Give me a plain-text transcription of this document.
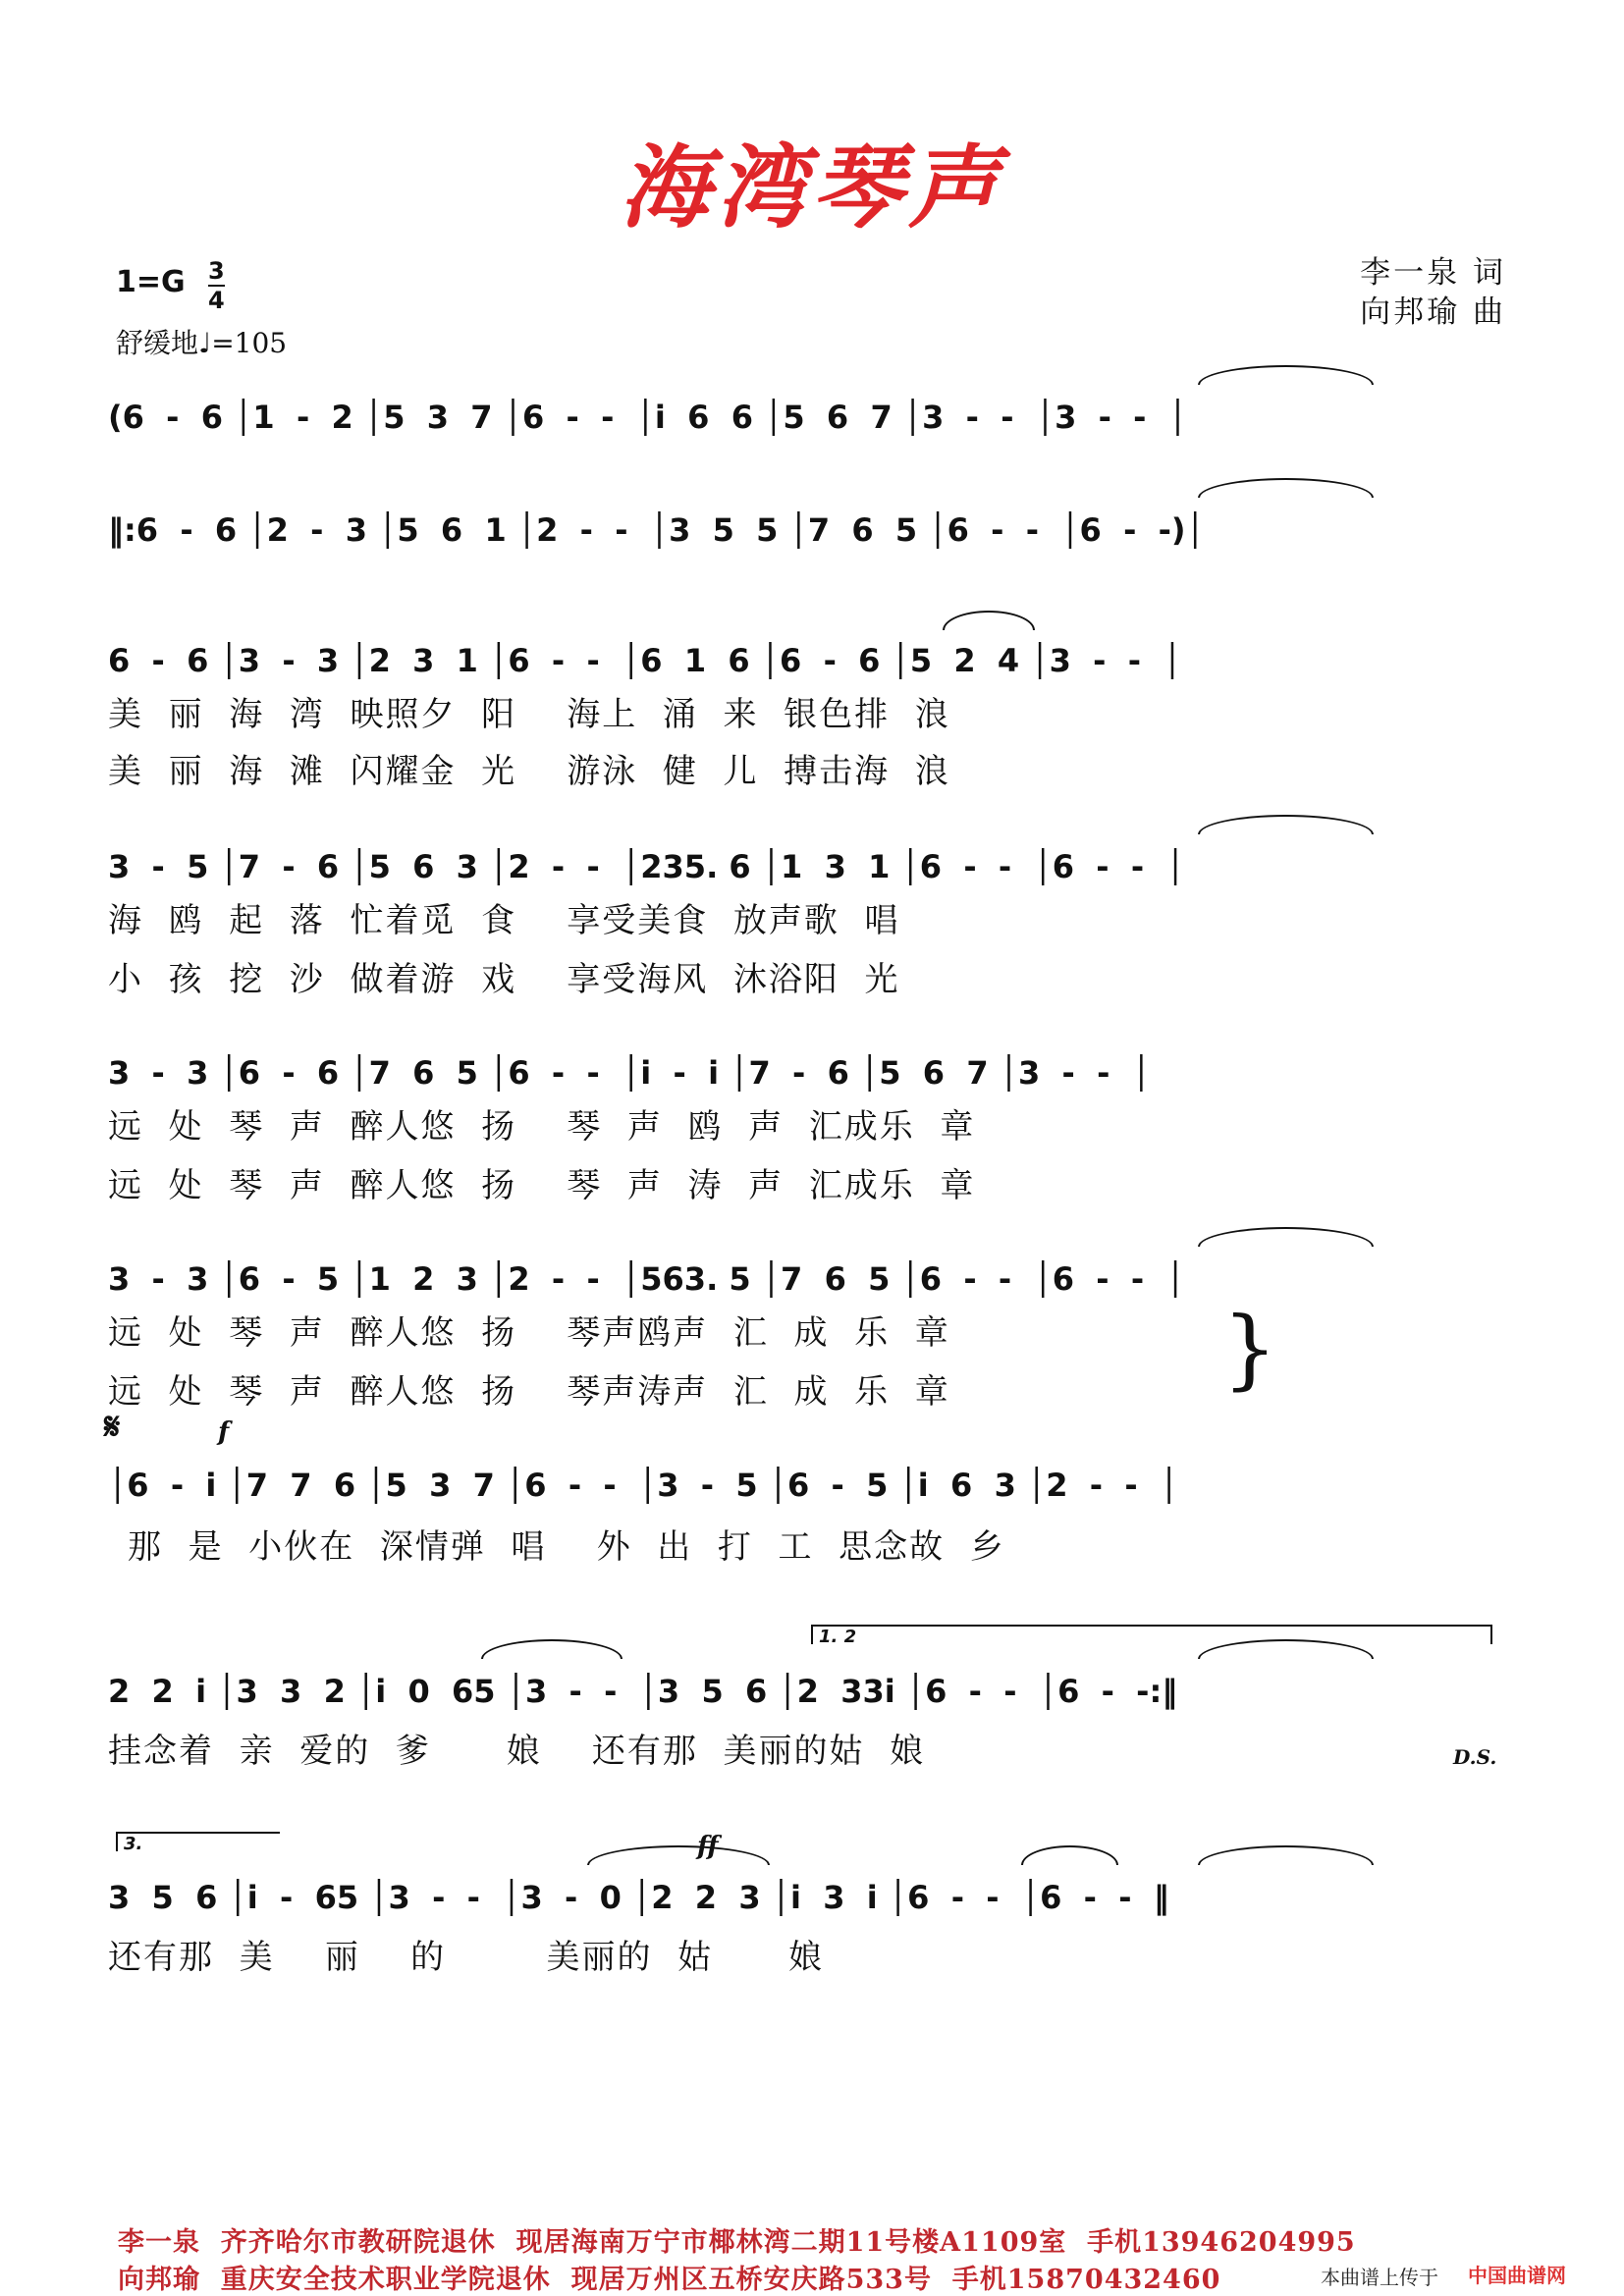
海湾琴声
李一泉 词
向邦瑜 曲
$1=G \frac{3}{4}$
舒缓地♩=105
(6  -  6 │1  -  2 │5  3  7 │6  -  -  │i  6  6 │5  6  7 │3  -  -  │3  -  -  │
‖:6  -  6 │2  -  3 │5  6  1 │2  -  -  │3  5  5 │7  6  5 │6  -  -  │6  -  -)│
6  -  6 │3  -  3 │2  3  1 │6  -  -  │6  1  6 │6  -  6 │5  2  4 │3  -  -  │
美  丽  海  湾  映照夕  阳    海上  涌  来  银色排  浪
美  丽  海  滩  闪耀金  光    游泳  健  儿  搏击海  浪
3  -  5 │7  -  6 │5  6  3 │2  -  -  │235. 6 │1  3  1 │6  -  -  │6  -  -  │
海  鸥  起  落  忙着觅  食    享受美食  放声歌  唱
小  孩  挖  沙  做着游  戏    享受海风  沐浴阳  光
3  -  3 │6  -  6 │7  6  5 │6  -  -  │i  -  i │7  -  6 │5  6  7 │3  -  -  │
远  处  琴  声  醉人悠  扬    琴  声  鸥  声  汇成乐  章
远  处  琴  声  醉人悠  扬    琴  声  涛  声  汇成乐  章
3  -  3 │6  -  5 │1  2  3 │2  -  -  │563. 5 │7  6  5 │6  -  -  │6  -  -  │
远  处  琴  声  醉人悠  扬    琴声鸥声  汇  成  乐  章
远  处  琴  声  醉人悠  扬    琴声涛声  汇  成  乐  章	}
𝄋	f
│6  -  i │7  7  6 │5  3  7 │6  -  -  │3  -  5 │6  -  5 │i  6  3 │2  -  -  │
那  是  小伙在  深情弹  唱    外  出  打  工  思念故  乡
1. 2
2  2  i │3  3  2 │i  0  65 │3  -  -  │3  5  6 │2  33i │6  -  -  │6  -  -:‖
挂念着  亲  爱的  爹      娘    还有那  美丽的姑  娘	D.S.
3.	ff
3  5  6 │i  -  65 │3  -  -  │3  -  0 │2  2  3 │i  3  i │6  -  -  │6  -  -  ‖
还有那  美    丽    的        美丽的  姑      娘
李一泉  齐齐哈尔市教研院退休  现居海南万宁市椰林湾二期11号楼A1109室  手机13946204995
向邦瑜  重庆安全技术职业学院退休  现居万州区五桥安庆路533号  手机15870432460	本曲谱上传于 中国曲谱网
